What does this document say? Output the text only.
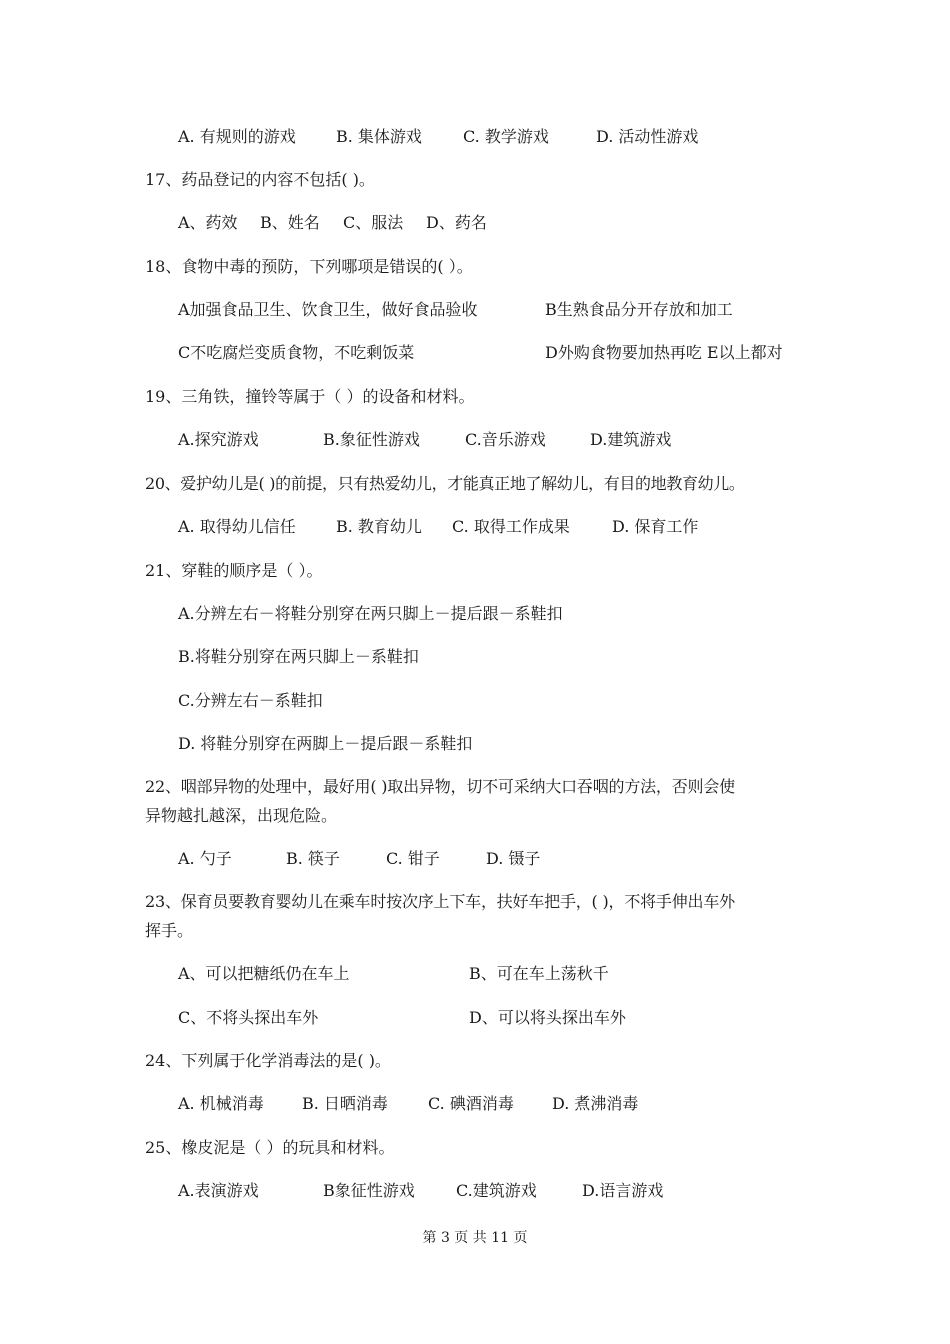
A. 有规则的游戏	B. 集体游戏	C. 教学游戏	D. 活动性游戏
17、药品登记的内容不包括( )。
A、药效 B、姓名 C、服法 D、药名
18、食物中毒的预防，下列哪项是错误的( ）。
A加强食品卫生、饮食卫生，做好食品验收	B生熟食品分开存放和加工
C不吃腐烂变质食物，不吃剩饭菜	D外购食物要加热再吃 E以上都对
19、三角铁，撞铃等属于（ ）的设备和材料。
A.探究游戏	B.象征性游戏	C.音乐游戏	D.建筑游戏
20、爱护幼儿是( )的前提，只有热爱幼儿，才能真正地了解幼儿，有目的地教育幼儿。
A. 取得幼儿信任	B. 教育幼儿 C. 取得工作成果	D. 保育工作
21、穿鞋的顺序是（ ）。
A.分辨左右－将鞋分别穿在两只脚上－提后跟－系鞋扣
B.将鞋分别穿在两只脚上－系鞋扣
C.分辨左右－系鞋扣
D. 将鞋分别穿在两脚上－提后跟－系鞋扣
22、咽部异物的处理中，最好用( )取出异物，切不可采纳大口吞咽的方法，否则会使
异物越扎越深，出现危险。
A. 勺子	B. 筷子	C. 钳子	D. 镊子
23、保育员要教育婴幼儿在乘车时按次序上下车，扶好车把手，( )，不将手伸出车外
挥手。
A、可以把糖纸仍在车上	B、可在车上荡秋千
C、不将头探出车外	D、可以将头探出车外
24、下列属于化学消毒法的是( )。
A. 机械消毒 B. 日晒消毒	C. 碘酒消毒 D. 煮沸消毒
25、橡皮泥是（ ）的玩具和材料。
A.表演游戏	B象征性游戏	C.建筑游戏	D.语言游戏
第 3 页 共 11 页
